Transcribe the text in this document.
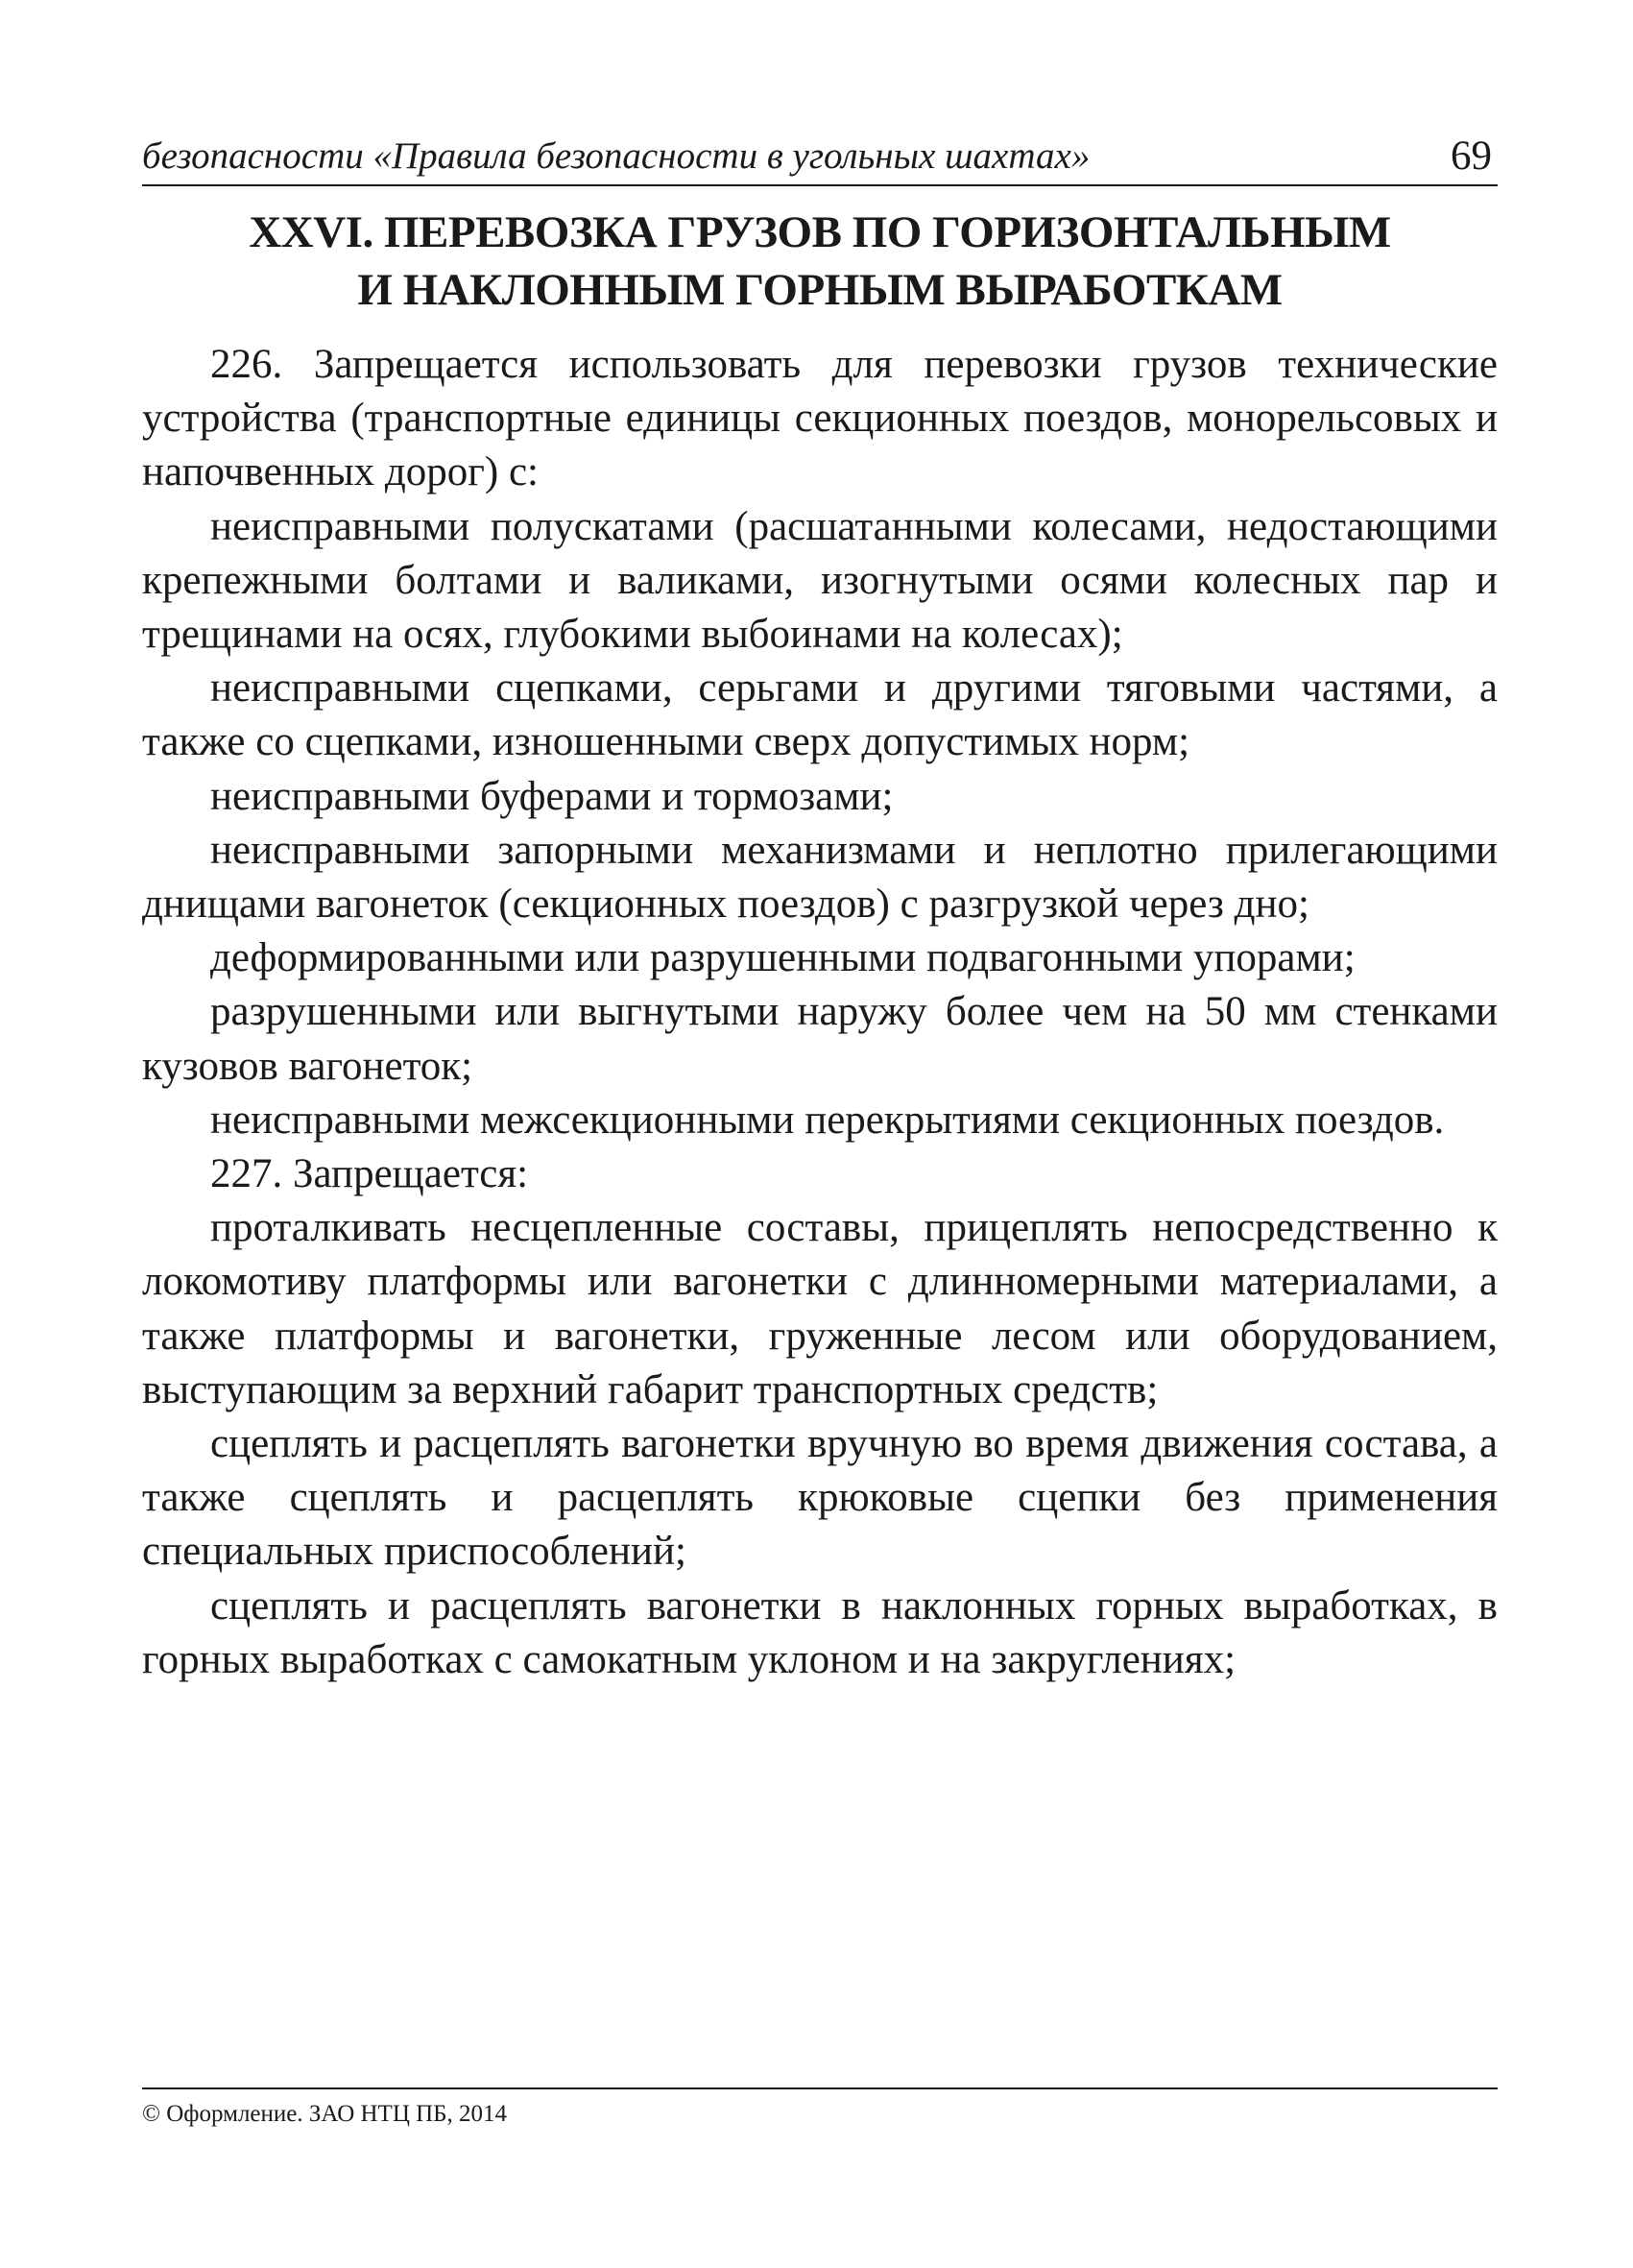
безопасности «Правила безопасности в угольных шахтах»	69
XXVI. ПЕРЕВОЗКА ГРУЗОВ ПО ГОРИЗОНТАЛЬНЫМ
И НАКЛОННЫМ ГОРНЫМ ВЫРАБОТКАМ

226. Запрещается использовать для перевозки грузов технические устройства (транспортные единицы секционных поездов, монорельсовых и напочвенных дорог) с:

неисправными полускатами (расшатанными колесами, недостающими крепежными болтами и валиками, изогнутыми осями колесных пар и трещинами на осях, глубокими выбоинами на колесах);

неисправными сцепками, серьгами и другими тяговыми частями, а также со сцепками, изношенными сверх допустимых норм;

неисправными буферами и тормозами;

неисправными запорными механизмами и неплотно прилегающими днищами вагонеток (секционных поездов) с разгрузкой через дно;

деформированными или разрушенными подвагонными упорами;

разрушенными или выгнутыми наружу более чем на 50 мм стенками кузовов вагонеток;

неисправными межсекционными перекрытиями секционных поездов.

227. Запрещается:

проталкивать несцепленные составы, прицеплять непосредственно к локомотиву платформы или вагонетки с длинномерными материалами, а также платформы и вагонетки, груженные лесом или оборудованием, выступающим за верхний габарит транспортных средств;

сцеплять и расцеплять вагонетки вручную во время движения состава, а также сцеплять и расцеплять крюковые сцепки без применения специальных приспособлений;

сцеплять и расцеплять вагонетки в наклонных горных выработках, в горных выработках с самокатным уклоном и на закруглениях;

© Оформление. ЗАО НТЦ ПБ, 2014
